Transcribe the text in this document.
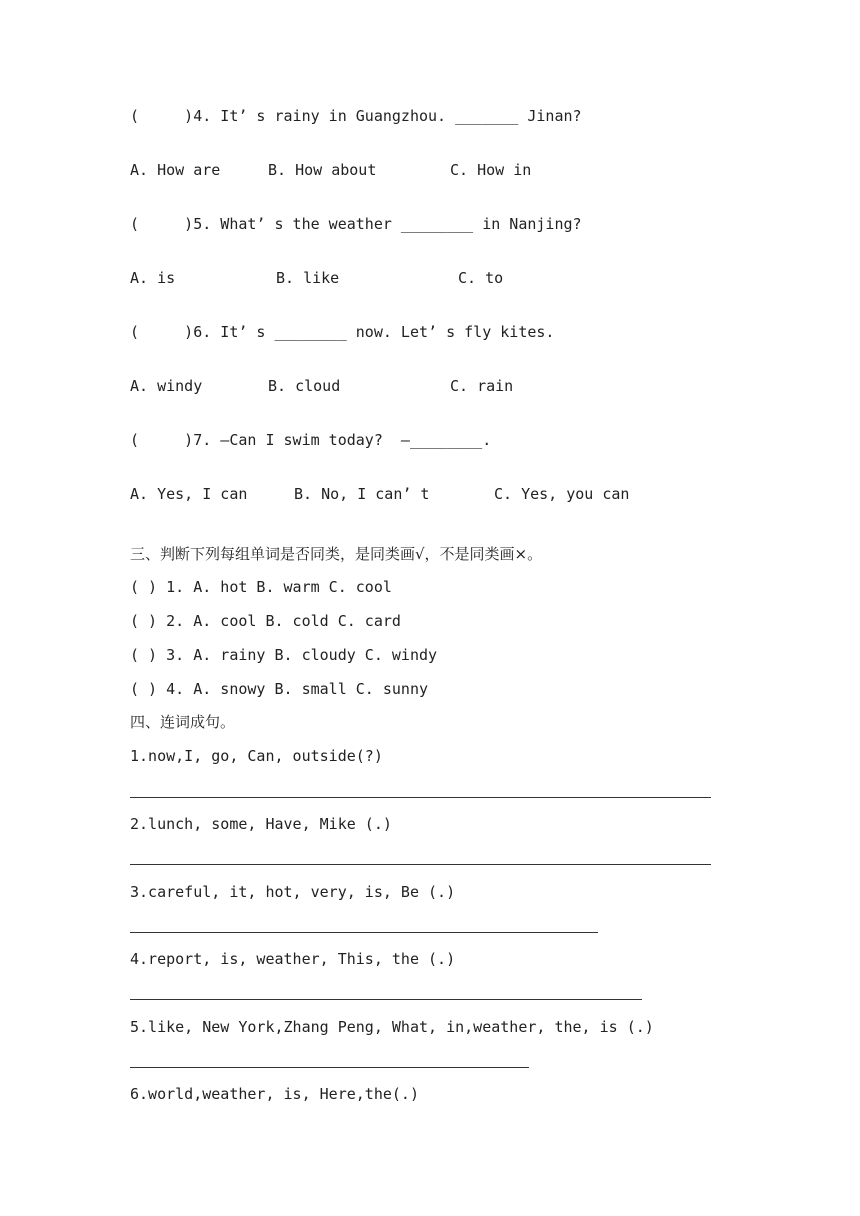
(     )4. It’ s rainy in Guangzhou. _______ Jinan?
A. How are	B. How about	C. How in
(     )5. What’ s the weather ________ in Nanjing?
A. is	B. like	C. to
(     )6. It’ s ________ now. Let’ s fly kites.
A. windy	B. cloud	C. rain
(     )7. —Can I swim today?  —________.
A. Yes, I can	B. No, I can’ t	C. Yes, you can
三、判断下列每组单词是否同类，是同类画√，不是同类画×。
( ) 1. A. hot B. warm C. cool
( ) 2. A. cool B. cold C. card
( ) 3. A. rainy B. cloudy C. windy
( ) 4. A. snowy B. small C. sunny
四、连词成句。
1.now,I, go, Can, outside(?)
2.lunch, some, Have, Mike (.)
3.careful, it, hot, very, is, Be (.)
4.report, is, weather, This, the (.)
5.like, New York,Zhang Peng, What, in,weather, the, is (.)
6.world,weather, is, Here,the(.)
